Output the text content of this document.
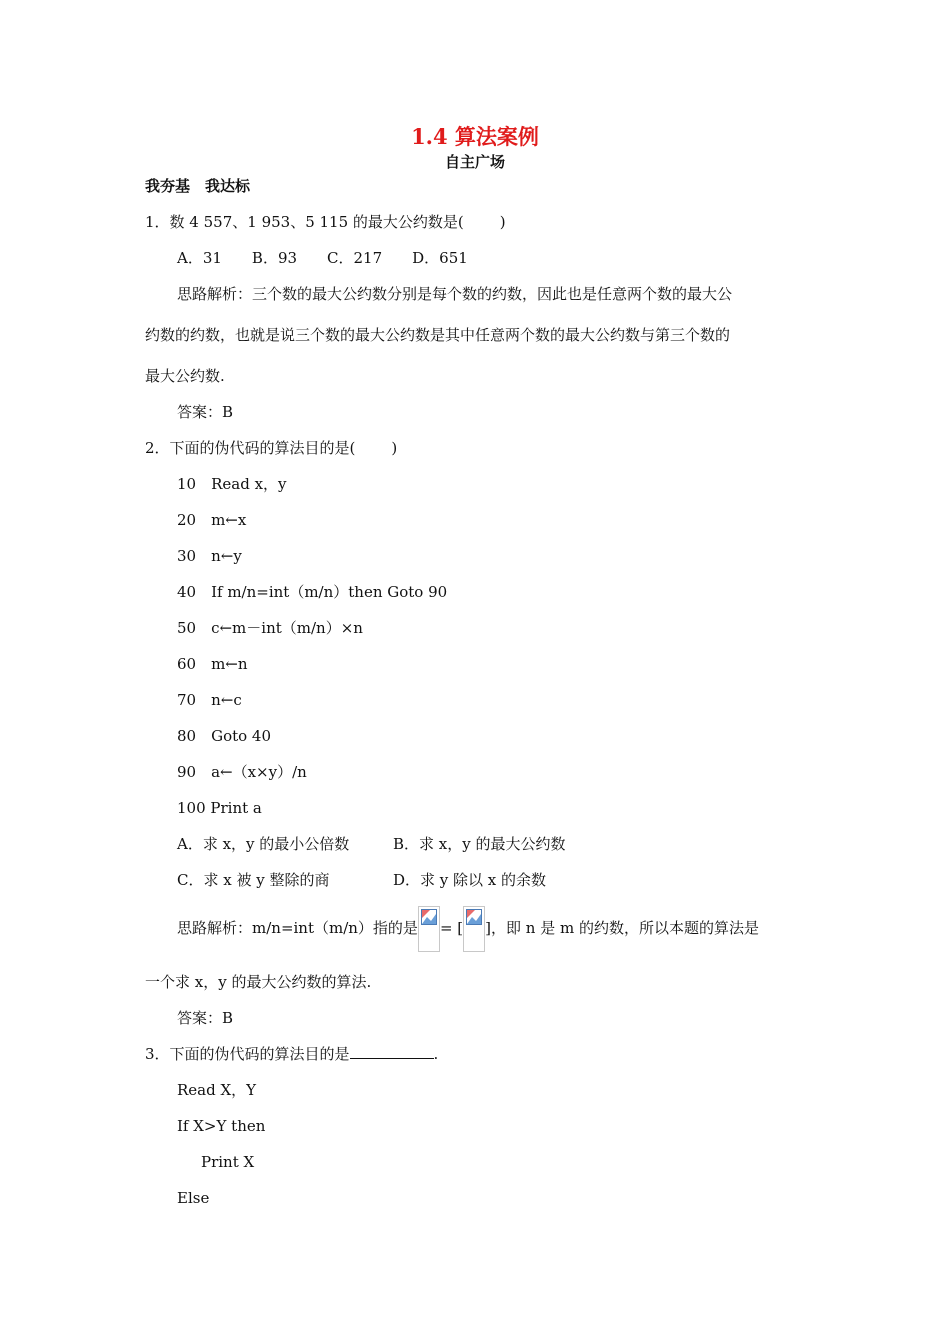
1.4 算法案例
自主广场
我夯基　我达标
1．数 4 557、1 953、5 115 的最大公约数是( )
A．31　　B．93　　C．217　　D．651
思路解析：三个数的最大公约数分别是每个数的约数，因此也是任意两个数的最大公
约数的约数，也就是说三个数的最大公约数是其中任意两个数的最大公约数与第三个数的
最大公约数.
答案：B
2．下面的伪代码的算法目的是( )
10　Read x，y
20　m←x
30　n←y
40　If m/n=int（m/n）then Goto 90
50　c←m－int（m/n）×n
60　m←n
70　n←c
80　Goto 40
90　a←（x×y）/n
100 Print a
A．求 x，y 的最小公倍数	B．求 x，y 的最大公约数
C．求 x 被 y 整除的商	D．求 y 除以 x 的余数
思路解析：m/n=int（m/n）指的是 = [ ]，即 n 是 m 的约数，所以本题的算法是
一个求 x，y 的最大公约数的算法.
答案：B
3．下面的伪代码的算法目的是	.
Read X，Y
If X>Y then
Print X
Else
